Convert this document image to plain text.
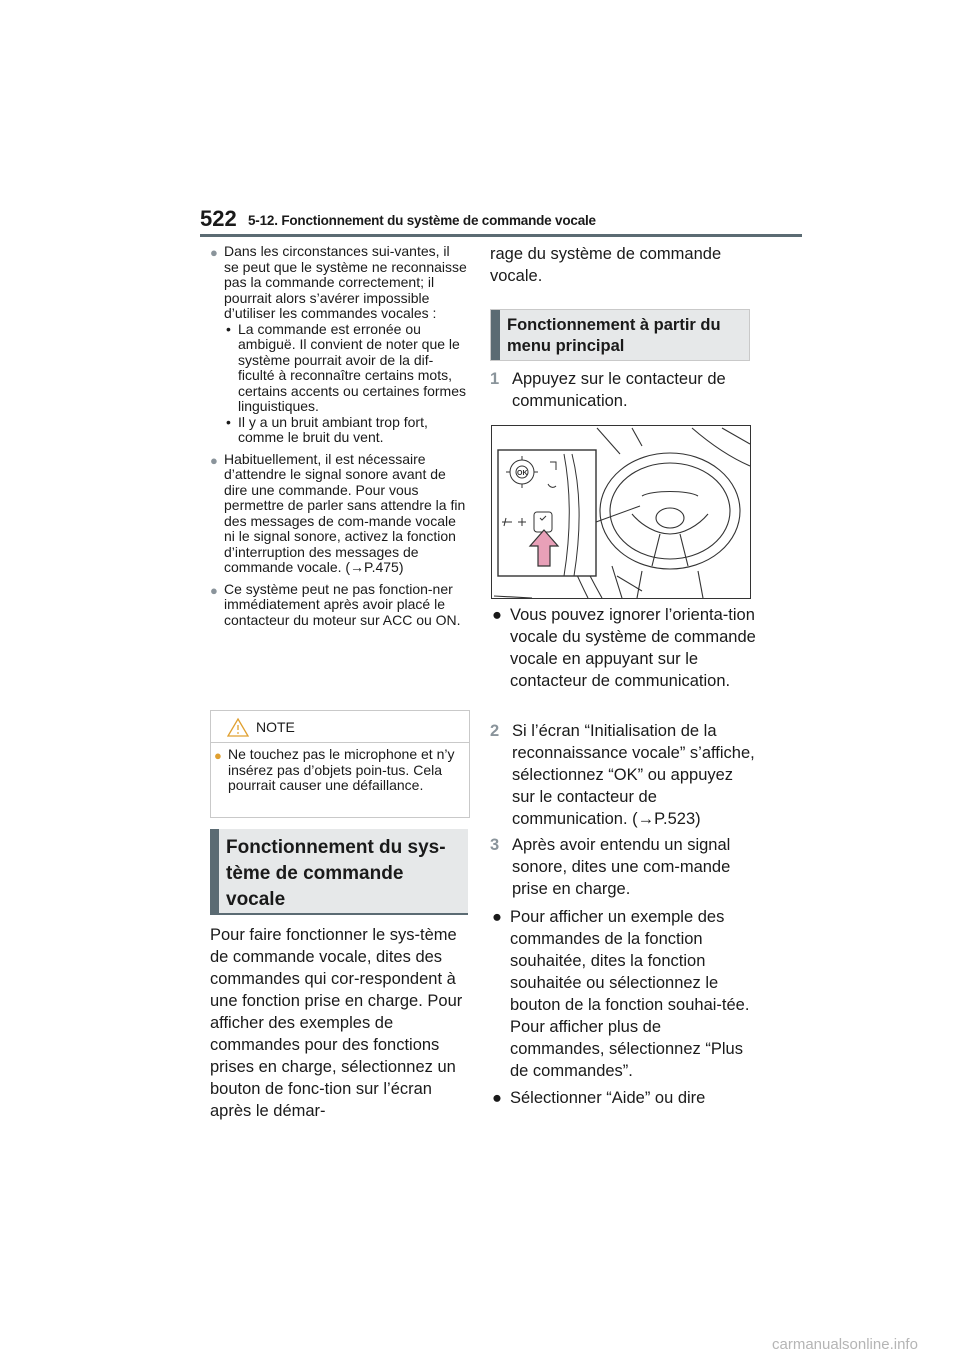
522 5-12. Fonctionnement du système de commande vocale
● Dans les circonstances sui-vantes, il se peut que le système ne reconnaisse pas la commande correctement; il pourrait alors s’avérer impossible d’utiliser les commandes vocales :
• La commande est erronée ou ambiguë. Il convient de noter que le système pourrait avoir de la dif-ficulté à reconnaître certains mots, certains accents ou certaines formes linguistiques.
• Il y a un bruit ambiant trop fort, comme le bruit du vent.
● Habituellement, il est nécessaire d’attendre le signal sonore avant de dire une commande. Pour vous permettre de parler sans attendre la fin des messages de com-mande vocale ni le signal sonore, activez la fonction d’interruption des messages de commande vocale. (→P.475)
● Ce système peut ne pas fonction-ner immédiatement après avoir placé le contacteur du moteur sur ACC ou ON.
NOTE
● Ne touchez pas le microphone et n’y insérez pas d’objets poin-tus. Cela pourrait causer une défaillance.
Fonctionnement du sys-tème de commande vocale
Pour faire fonctionner le sys-tème de commande vocale, dites des commandes qui cor-respondent à une fonction prise en charge. Pour afficher des exemples de commandes pour des fonctions prises en charge, sélectionnez un bouton de fonc-tion sur l’écran après le démar-
rage du système de commande vocale.
Fonctionnement à partir du menu principal
1 Appuyez sur le contacteur de communication.
OK
● Vous pouvez ignorer l’orienta-tion vocale du système de commande vocale en appuyant sur le contacteur de communication.
2 Si l’écran “Initialisation de la reconnaissance vocale” s’affiche, sélectionnez “OK” ou appuyez sur le contacteur de communication. (→P.523)
3 Après avoir entendu un signal sonore, dites une com-mande prise en charge.
● Pour afficher un exemple des commandes de la fonction souhaitée, dites la fonction souhaitée ou sélectionnez le bouton de la fonction souhai-tée. Pour afficher plus de commandes, sélectionnez “Plus de commandes”.
● Sélectionner “Aide” ou dire
carmanualsonline.info
